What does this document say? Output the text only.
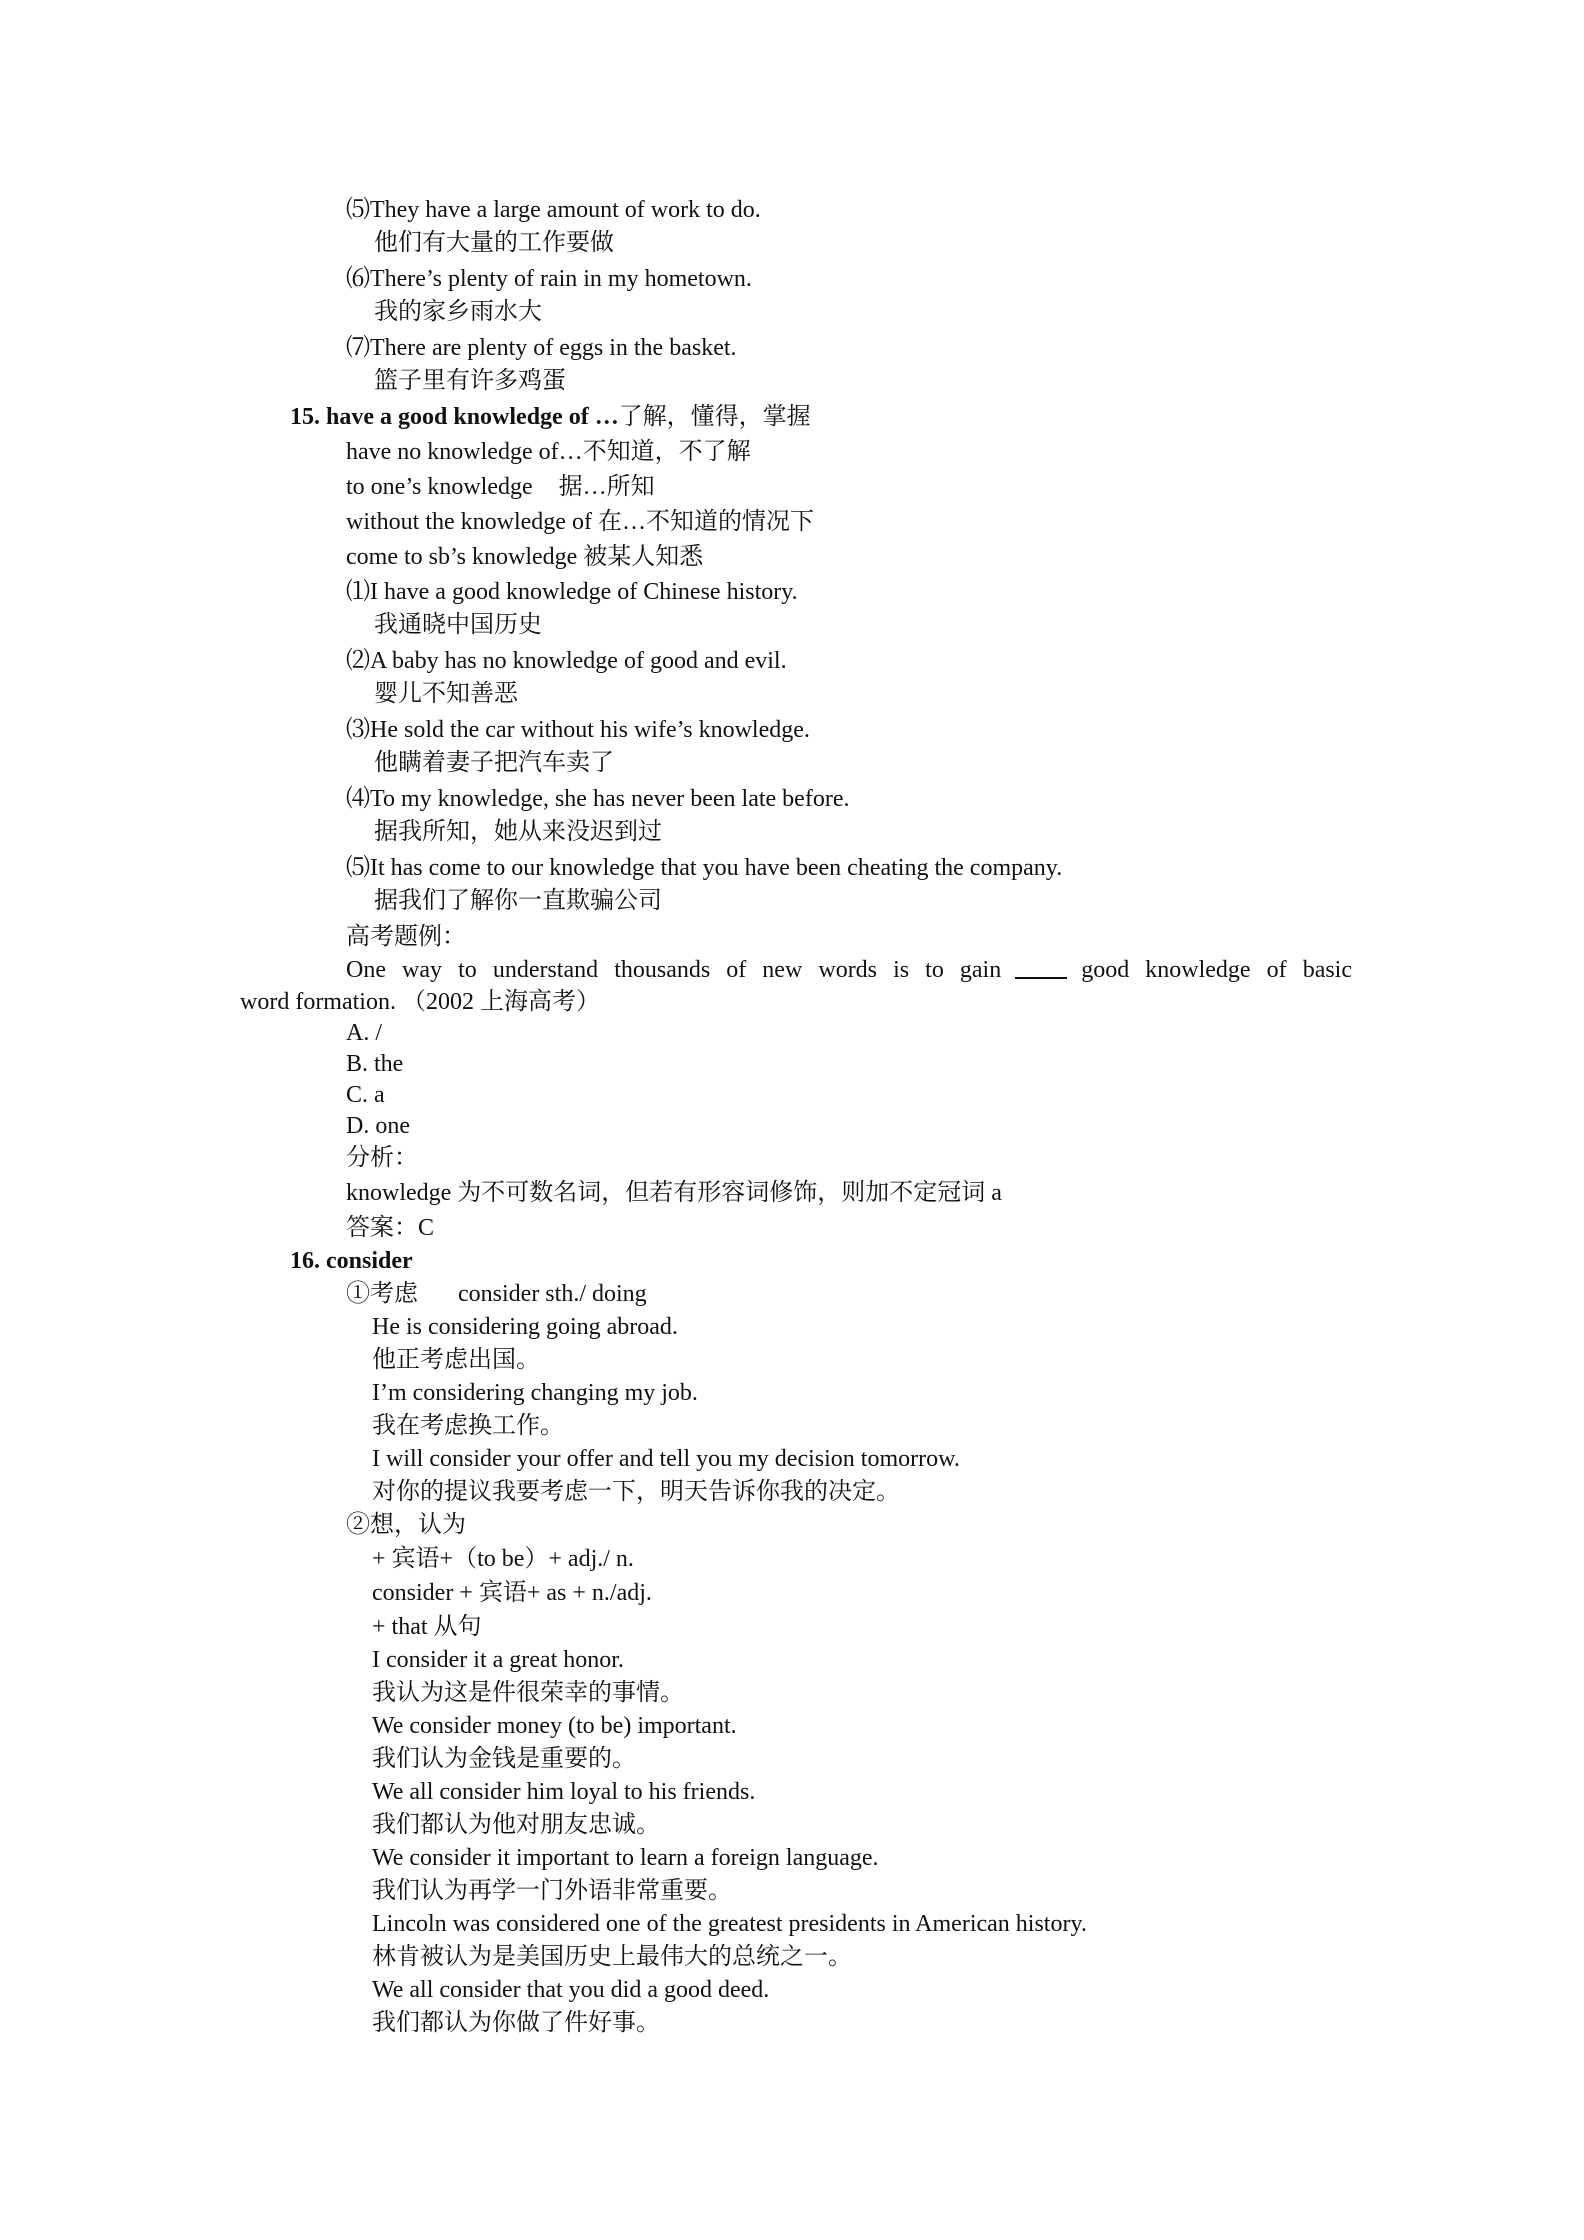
⑸They have a large amount of work to do.
他们有大量的工作要做
⑹There’s plenty of rain in my hometown.
我的家乡雨水大
⑺There are plenty of eggs in the basket.
篮子里有许多鸡蛋
15. have a good knowledge of …了解，懂得，掌握
have no knowledge of…不知道，不了解
to one’s knowledge 据…所知
without the knowledge of 在…不知道的情况下
come to sb’s knowledge 被某人知悉
⑴I have a good knowledge of Chinese history.
我通晓中国历史
⑵A baby has no knowledge of good and evil.
婴儿不知善恶
⑶He sold the car without his wife’s knowledge.
他瞒着妻子把汽车卖了
⑷To my knowledge, she has never been late before.
据我所知，她从来没迟到过
⑸It has come to our knowledge that you have been cheating the company.
据我们了解你一直欺骗公司
高考题例：
One way to understand thousands of new words is to gain	good knowledge of basic
word formation. （2002 上海高考）
A. /
B. the
C. a
D. one
分析：
knowledge 为不可数名词，但若有形容词修饰，则加不定冠词 a
答案：C
16. consider
①考虑 consider sth./ doing
He is considering going abroad.
他正考虑出国。
I’m considering changing my job.
我在考虑换工作。
I will consider your offer and tell you my decision tomorrow.
对你的提议我要考虑一下，明天告诉你我的决定。
②想，认为
+ 宾语+（to be）+ adj./ n.
consider + 宾语+ as + n./adj.
+ that 从句
I consider it a great honor.
我认为这是件很荣幸的事情。
We consider money (to be) important.
我们认为金钱是重要的。
We all consider him loyal to his friends.
我们都认为他对朋友忠诚。
We consider it important to learn a foreign language.
我们认为再学一门外语非常重要。
Lincoln was considered one of the greatest presidents in American history.
林肯被认为是美国历史上最伟大的总统之一。
We all consider that you did a good deed.
我们都认为你做了件好事。
